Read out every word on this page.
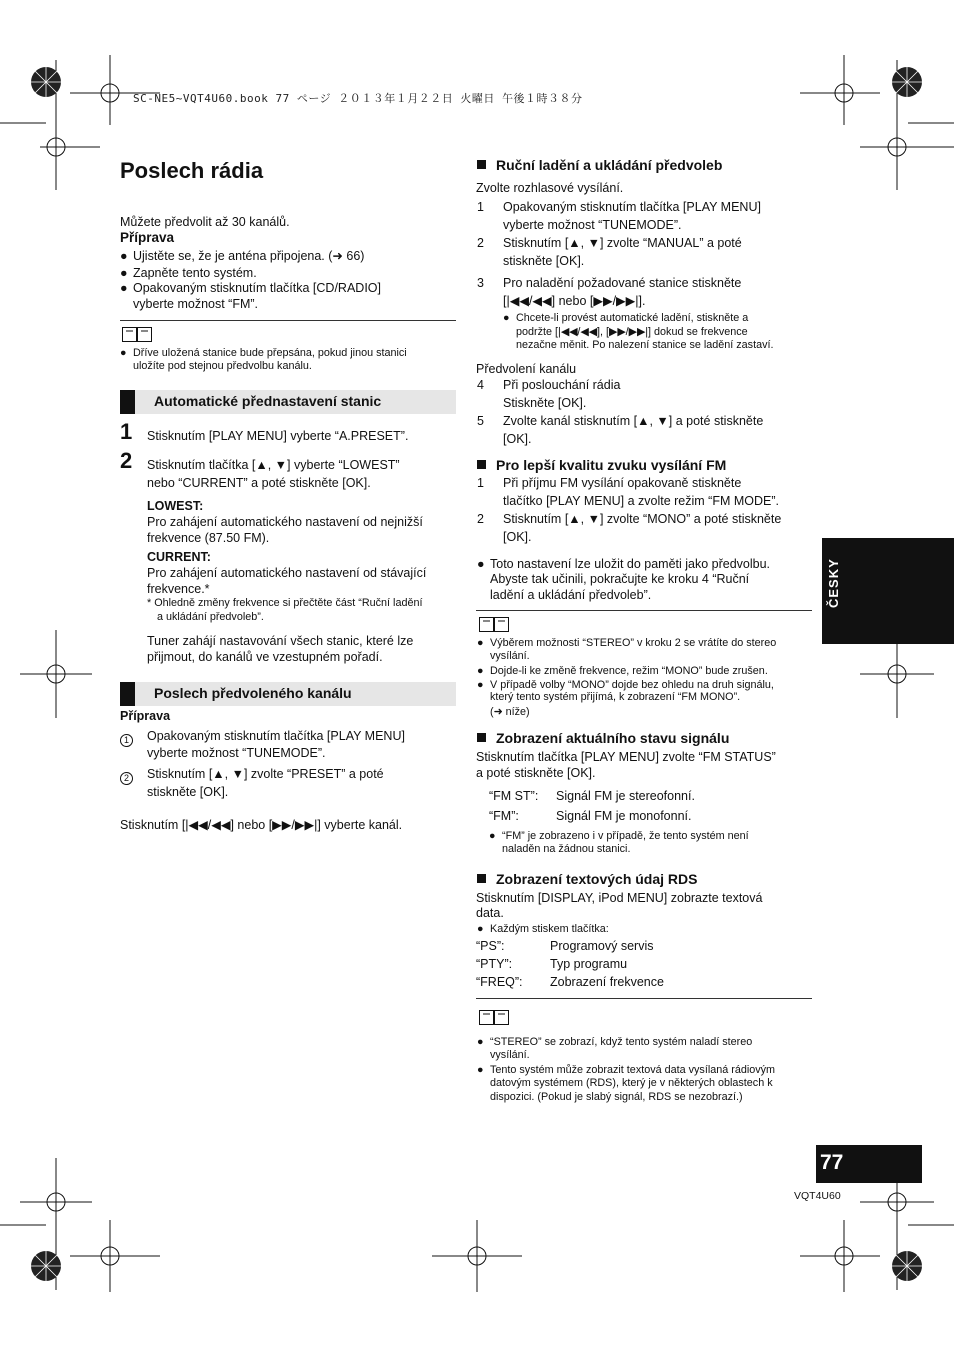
SC-NE5~VQT4U60.book 77 ページ ２０１３年１月２２日 火曜日 午後１時３８分
ČESKY
77
VQT4U60
Poslech rádia
Můžete předvolit až 30 kanálů.
Příprava
● Ujistěte se, že je anténa připojena. (➜ 66)
● Zapněte tento systém.
● Opakovaným stisknutím tlačítka [CD/RADIO]
vyberte možnost “FM”.
● Dříve uložená stanice bude přepsána, pokud jinou stanici
uložíte pod stejnou předvolbu kanálu.
Automatické přednastavení stanic
1 Stisknutím [PLAY MENU] vyberte “A.PRESET”.
2 Stisknutím tlačítka [▲, ▼] vyberte “LOWEST”
nebo “CURRENT” a poté stiskněte [OK].
LOWEST:
Pro zahájení automatického nastavení od nejnižší
frekvence (87.50 FM).
CURRENT:
Pro zahájení automatického nastavení od stávající
frekvence.*
* Ohledně změny frekvence si přečtěte část “Ruční ladění
a ukládání předvoleb”.
Tuner zahájí nastavování všech stanic, které lze
přijmout, do kanálů ve vzestupném pořadí.
Poslech předvoleného kanálu
Příprava
1	Opakovaným stisknutím tlačítka [PLAY MENU]
vyberte možnost “TUNEMODE”.
2	Stisknutím [▲, ▼] zvolte “PRESET” a poté
stiskněte [OK].
Stisknutím [|◀◀/◀◀] nebo [▶▶/▶▶|] vyberte kanál.
Ruční ladění a ukládání předvoleb
Zvolte rozhlasové vysílání.
1 Opakovaným stisknutím tlačítka [PLAY MENU]
vyberte možnost “TUNEMODE”.
2 Stisknutím [▲, ▼] zvolte “MANUAL” a poté
stiskněte [OK].
3 Pro naladění požadované stanice stiskněte
[|◀◀/◀◀] nebo [▶▶/▶▶|].
● Chcete-li provést automatické ladění, stiskněte a
podržte [|◀◀/◀◀], [▶▶/▶▶|] dokud se frekvence
nezačne měnit. Po nalezení stanice se ladění zastaví.
Předvolení kanálu
4 Při poslouchání rádia
Stiskněte [OK].
5 Zvolte kanál stisknutím [▲, ▼] a poté stiskněte
[OK].
Pro lepší kvalitu zvuku vysílání FM
1 Při příjmu FM vysílání opakovaně stiskněte
tlačítko [PLAY MENU] a zvolte režim “FM MODE”.
2 Stisknutím [▲, ▼] zvolte “MONO” a poté stiskněte
[OK].
● Toto nastavení lze uložit do paměti jako předvolbu.
Abyste tak učinili, pokračujte ke kroku 4 “Ruční
ladění a ukládání předvoleb”.
● Výběrem možnosti “STEREO” v kroku 2 se vrátíte do stereo
vysílání.
● Dojde-li ke změně frekvence, režim “MONO” bude zrušen.
● V případě volby “MONO” dojde bez ohledu na druh signálu,
který tento systém přijímá, k zobrazení “FM MONO”.
(➜ níže)
Zobrazení aktuálního stavu signálu
Stisknutím tlačítka [PLAY MENU] zvolte “FM STATUS”
a poté stiskněte [OK].
“FM ST”: Signál FM je stereofonní.
“FM”:	Signál FM je monofonní.
● “FM” je zobrazeno i v případě, že tento systém není
naladěn na žádnou stanici.
Zobrazení textových údaj RDS
Stisknutím [DISPLAY, iPod MENU] zobrazte textová
data.
● Každým stiskem tlačítka:
“PS”:	Programový servis
“PTY”:	Typ programu
“FREQ”: Zobrazení frekvence
● “STEREO” se zobrazí, když tento systém naladí stereo
vysílání.
● Tento systém může zobrazit textová data vysílaná rádiovým
datovým systémem (RDS), který je v některých oblastech k
dispozici. (Pokud je slabý signál, RDS se nezobrazí.)
